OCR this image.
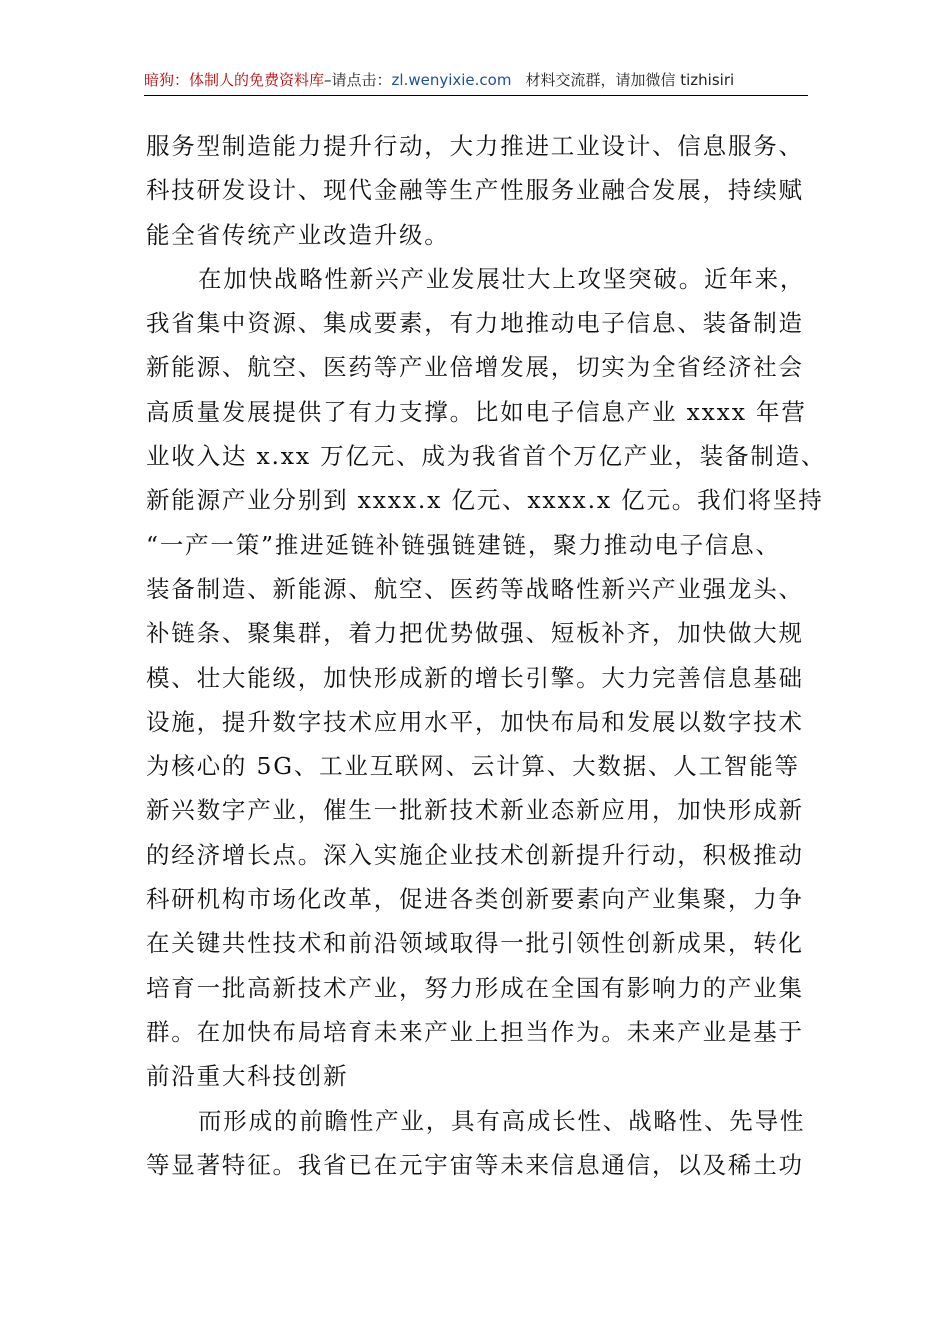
暗狗：体制人的免费资料库–请点击：zl.wenyixie.com 材料交流群，请加微信 tizhisiri
服务型制造能力提升行动，大力推进工业设计、信息服务、
科技研发设计、现代金融等生产性服务业融合发展，持续赋
能全省传统产业改造升级。
在加快战略性新兴产业发展壮大上攻坚突破。近年来，
我省集中资源、集成要素，有力地推动电子信息、装备制造
新能源、航空、医药等产业倍增发展，切实为全省经济社会
高质量发展提供了有力支撑。比如电子信息产业 xxxx 年营
业收入达 x.xx 万亿元、成为我省首个万亿产业，装备制造、
新能源产业分别到 xxxx.x 亿元、xxxx.x 亿元。我们将坚持
“一产一策”推进延链补链强链建链，聚力推动电子信息、
装备制造、新能源、航空、医药等战略性新兴产业强龙头、
补链条、聚集群，着力把优势做强、短板补齐，加快做大规
模、壮大能级，加快形成新的增长引擎。大力完善信息基础
设施，提升数字技术应用水平，加快布局和发展以数字技术
为核心的 5G、工业互联网、云计算、大数据、人工智能等
新兴数字产业，催生一批新技术新业态新应用，加快形成新
的经济增长点。深入实施企业技术创新提升行动，积极推动
科研机构市场化改革，促进各类创新要素向产业集聚，力争
在关键共性技术和前沿领域取得一批引领性创新成果，转化
培育一批高新技术产业，努力形成在全国有影响力的产业集
群。在加快布局培育未来产业上担当作为。未来产业是基于
前沿重大科技创新
而形成的前瞻性产业，具有高成长性、战略性、先导性
等显著特征。我省已在元宇宙等未来信息通信，以及稀土功
